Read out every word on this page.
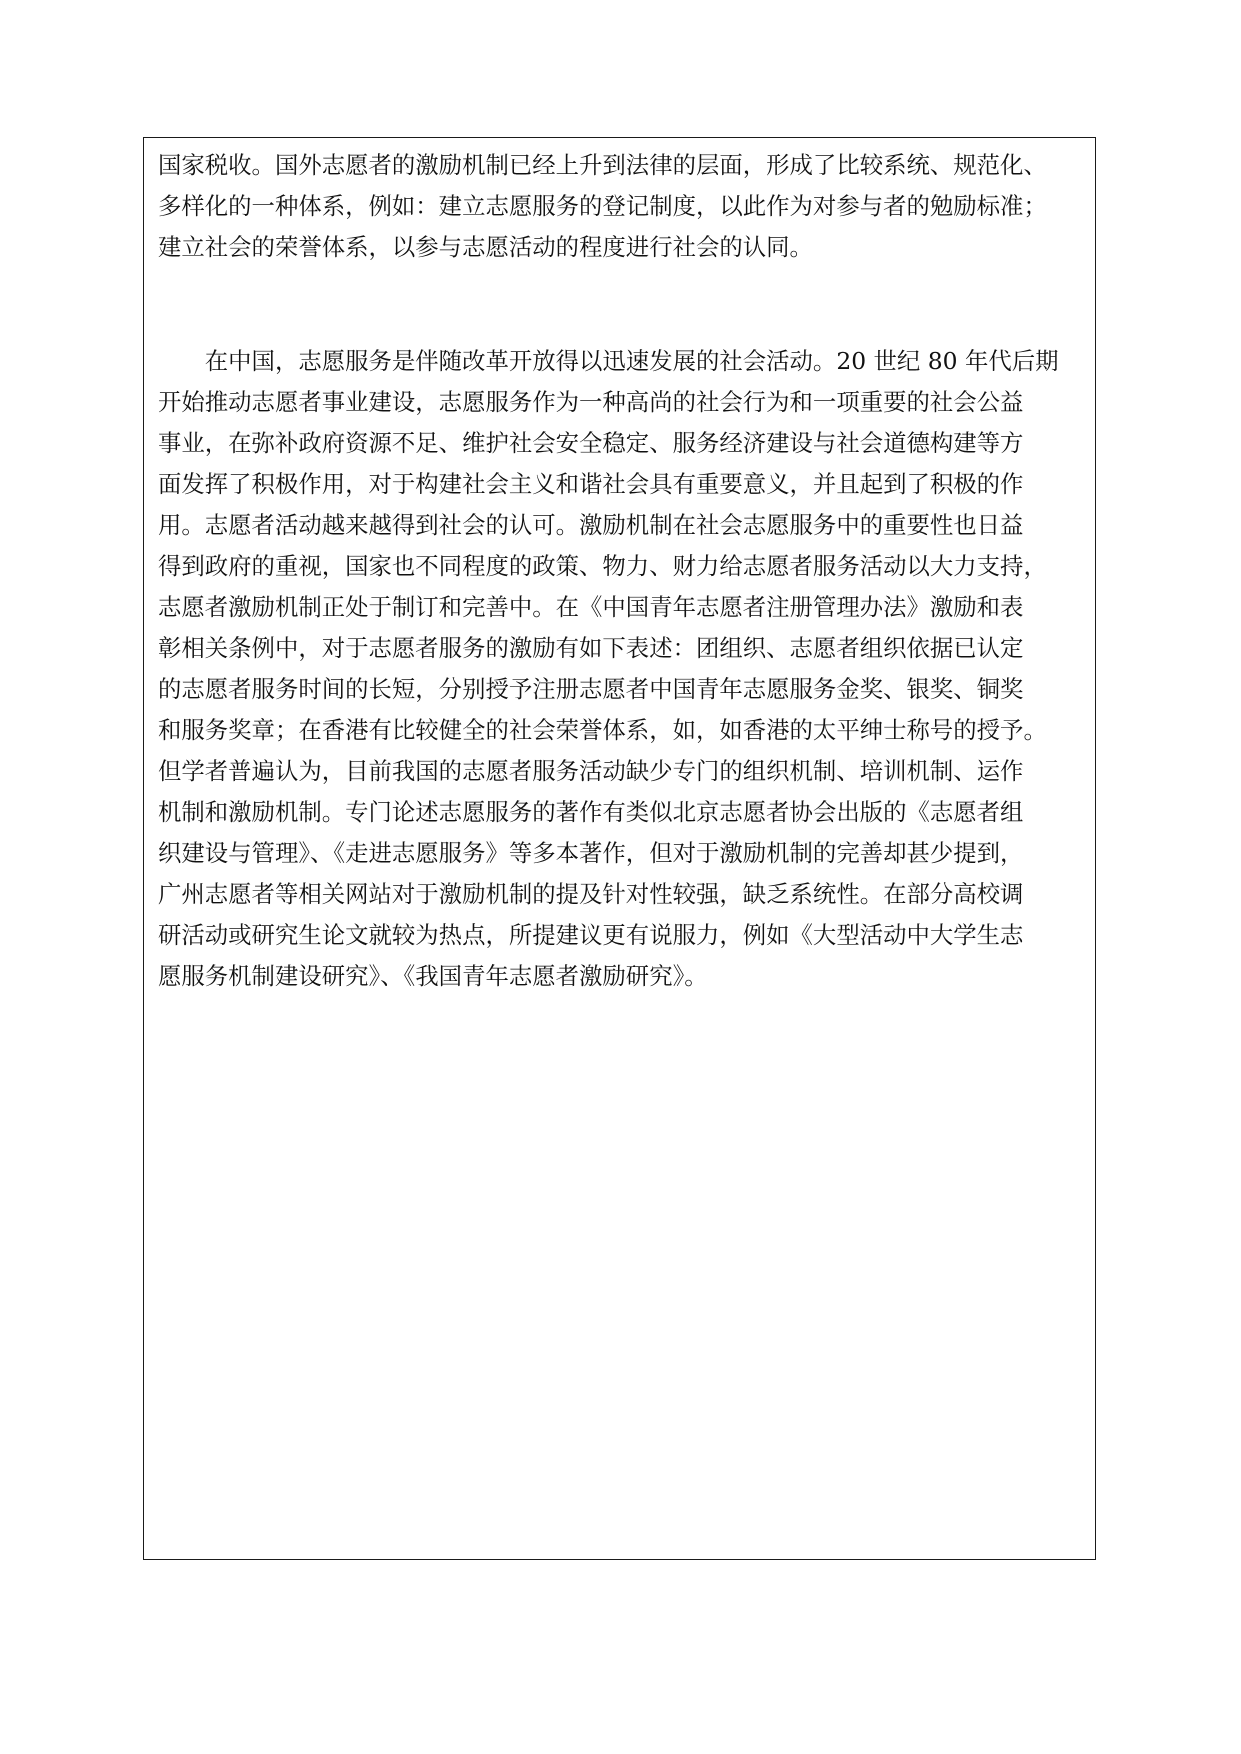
国家税收。国外志愿者的激励机制已经上升到法律的层面，形成了比较系统、规范化、
多样化的一种体系，例如：建立志愿服务的登记制度，以此作为对参与者的勉励标准；
建立社会的荣誉体系，以参与志愿活动的程度进行社会的认同。
　　在中国，志愿服务是伴随改革开放得以迅速发展的社会活动。20 世纪 80 年代后期
开始推动志愿者事业建设，志愿服务作为一种高尚的社会行为和一项重要的社会公益
事业，在弥补政府资源不足、维护社会安全稳定、服务经济建设与社会道德构建等方
面发挥了积极作用，对于构建社会主义和谐社会具有重要意义，并且起到了积极的作
用。志愿者活动越来越得到社会的认可。激励机制在社会志愿服务中的重要性也日益
得到政府的重视，国家也不同程度的政策、物力、财力给志愿者服务活动以大力支持，
志愿者激励机制正处于制订和完善中。在《中国青年志愿者注册管理办法》激励和表
彰相关条例中，对于志愿者服务的激励有如下表述：团组织、志愿者组织依据已认定
的志愿者服务时间的长短，分别授予注册志愿者中国青年志愿服务金奖、银奖、铜奖
和服务奖章；在香港有比较健全的社会荣誉体系，如，如香港的太平绅士称号的授予。
但学者普遍认为，目前我国的志愿者服务活动缺少专门的组织机制、培训机制、运作
机制和激励机制。专门论述志愿服务的著作有类似北京志愿者协会出版的《志愿者组
织建设与管理》、《走进志愿服务》等多本著作，但对于激励机制的完善却甚少提到，
广州志愿者等相关网站对于激励机制的提及针对性较强，缺乏系统性。在部分高校调
研活动或研究生论文就较为热点，所提建议更有说服力，例如《大型活动中大学生志
愿服务机制建设研究》、《我国青年志愿者激励研究》。
